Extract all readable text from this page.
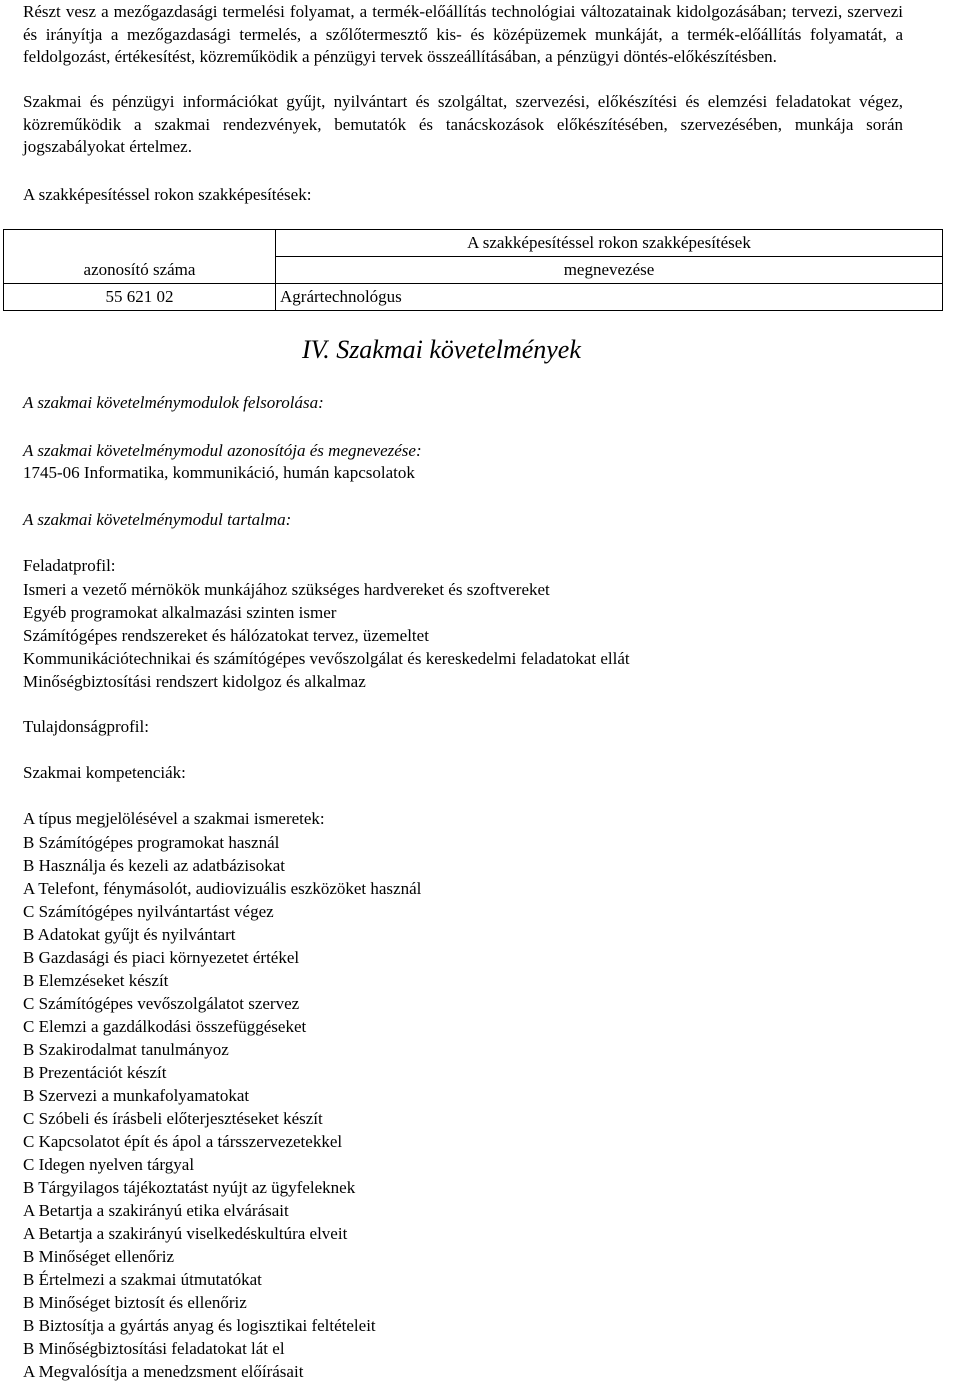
Részt vesz a mezőgazdasági termelési folyamat, a termék-előállítás technológiai változatainak kidolgozásában; tervezi, szervezi és irányítja a mezőgazdasági termelés, a szőlőtermesztő kis- és középüzemek munkáját, a termék-előállítás folyamatát, a feldolgozást, értékesítést, közreműködik a pénzügyi tervek összeállításában, a pénzügyi döntés-előkészítésben.
Szakmai és pénzügyi információkat gyűjt, nyilvántart és szolgáltat, szervezési, előkészítési és elemzési feladatokat végez, közreműködik a szakmai rendezvények, bemutatók és tanácskozások előkészítésében, szervezésében, munkája során jogszabályokat értelmez.
A szakképesítéssel rokon szakképesítések:
	A szakképesítéssel rokon szakképesítések
azonosító száma	megnevezése
55 621 02	Agrártechnológus
IV. Szakmai követelmények
A szakmai követelménymodulok felsorolása:
A szakmai követelménymodul azonosítója és megnevezése:
1745-06 Informatika, kommunikáció, humán kapcsolatok
A szakmai követelménymodul tartalma:
Feladatprofil:
Ismeri a vezető mérnökök munkájához szükséges hardvereket és szoftvereket
Egyéb programokat alkalmazási szinten ismer
Számítógépes rendszereket és hálózatokat tervez, üzemeltet
Kommunikációtechnikai és számítógépes vevőszolgálat és kereskedelmi feladatokat ellát
Minőségbiztosítási rendszert kidolgoz és alkalmaz
Tulajdonságprofil:
Szakmai kompetenciák:
A típus megjelölésével a szakmai ismeretek:
B Számítógépes programokat használ
B Használja és kezeli az adatbázisokat
A Telefont, fénymásolót, audiovizuális eszközöket használ
C Számítógépes nyilvántartást végez
B Adatokat gyűjt és nyilvántart
B Gazdasági és piaci környezetet értékel
B Elemzéseket készít
C Számítógépes vevőszolgálatot szervez
C Elemzi a gazdálkodási összefüggéseket
B Szakirodalmat tanulmányoz
B Prezentációt készít
B Szervezi a munkafolyamatokat
C Szóbeli és írásbeli előterjesztéseket készít
C Kapcsolatot épít és ápol a társszervezetekkel
C Idegen nyelven tárgyal
B Tárgyilagos tájékoztatást nyújt az ügyfeleknek
A Betartja a szakirányú etika elvárásait
A Betartja a szakirányú viselkedéskultúra elveit
B Minőséget ellenőriz
B Értelmezi a szakmai útmutatókat
B Minőséget biztosít és ellenőriz
B Biztosítja a gyártás anyag és logisztikai feltételeit
B Minőségbiztosítási feladatokat lát el
A Megvalósítja a menedzsment előírásait
